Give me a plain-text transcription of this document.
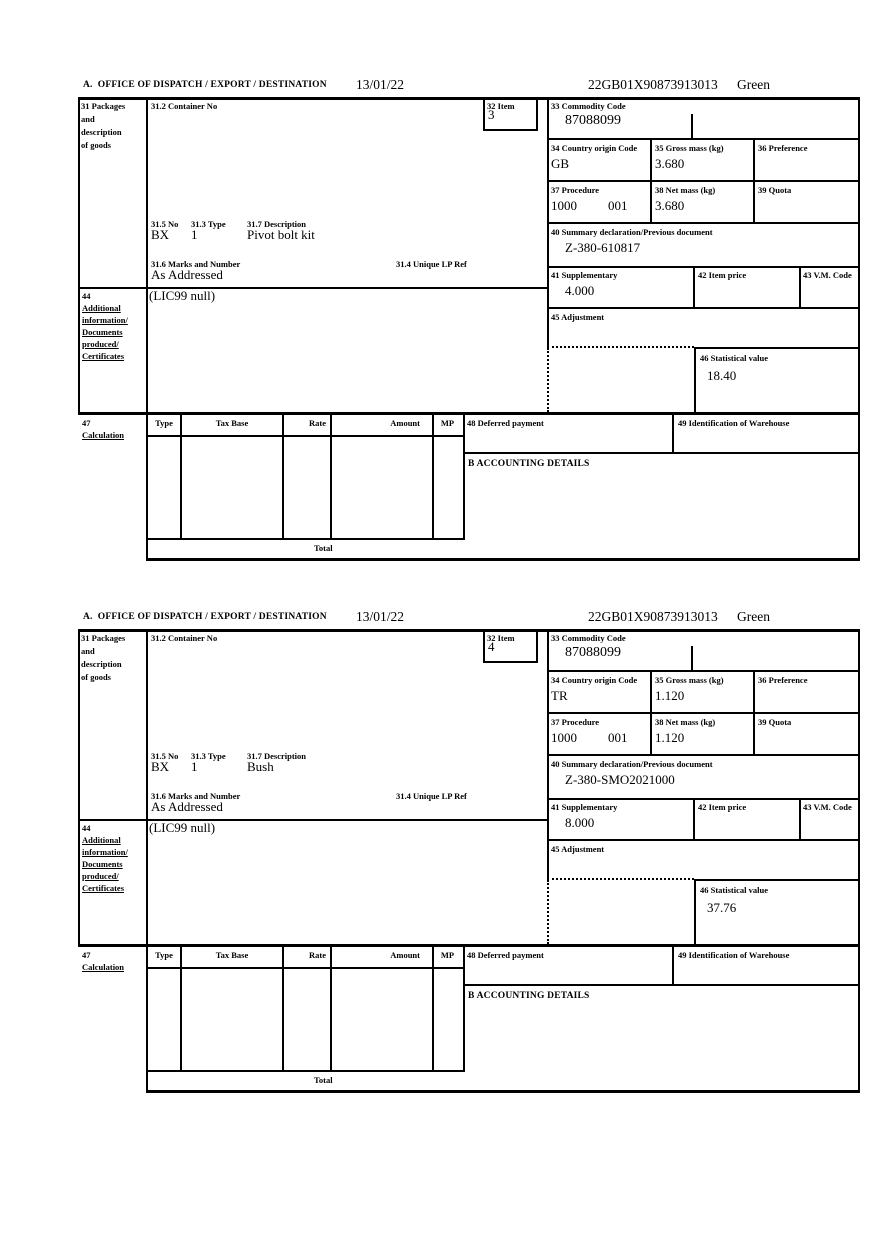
A.  OFFICE OF DISPATCH / EXPORT / DESTINATION 13/01/22	22GB01X90873913013 Green
31 Packages
and
description
of goods
31.2 Container No	32 Item
3
33 Commodity Code
87088099
34 Country origin Code
GB
35 Gross mass (kg)
3.680
36 Preference
37 Procedure
1000 001
38 Net mass (kg)
3.680
39 Quota
40 Summary declaration/Previous document
Z-380-610817
41 Supplementary
4.000
42 Item price	43 V.M. Code
45 Adjustment
46 Statistical value
18.40
31.5 No 31.3 Type	31.7 Description
BX 1	Pivot bolt kit
31.6 Marks and Number
As Addressed
31.4 Unique LP Ref
44
Additional
information/
Documents
produced/
Certificates
(LIC99 null)
47
Calculation
Type	Tax Base	Rate	Amount	MP
Total
48 Deferred payment	49 Identification of Warehouse
B ACCOUNTING DETAILS
A.  OFFICE OF DISPATCH / EXPORT / DESTINATION 13/01/22	22GB01X90873913013 Green
31 Packages
and
description
of goods
31.2 Container No	32 Item
4
33 Commodity Code
87088099
34 Country origin Code
TR
35 Gross mass (kg)
1.120
36 Preference
37 Procedure
1000 001
38 Net mass (kg)
1.120
39 Quota
40 Summary declaration/Previous document
Z-380-SMO2021000
41 Supplementary
8.000
42 Item price	43 V.M. Code
45 Adjustment
46 Statistical value
37.76
31.5 No 31.3 Type	31.7 Description
BX 1	Bush
31.6 Marks and Number
As Addressed
31.4 Unique LP Ref
44
Additional
information/
Documents
produced/
Certificates
(LIC99 null)
47
Calculation
Type	Tax Base	Rate	Amount	MP
Total
48 Deferred payment	49 Identification of Warehouse
B ACCOUNTING DETAILS
